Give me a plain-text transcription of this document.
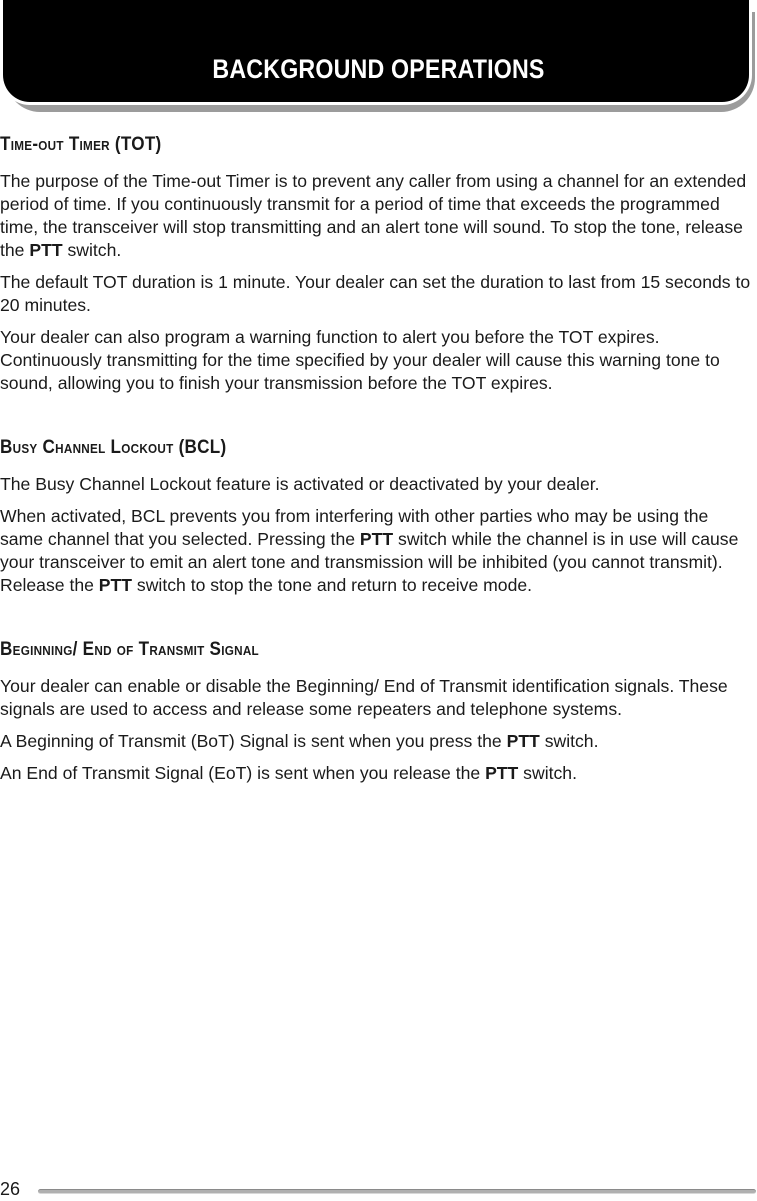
BACKGROUND OPERATIONS
Time-out Timer (TOT)

The purpose of the Time-out Timer is to prevent any caller from using a channel for an extended period of time. If you continuously transmit for a period of time that exceeds the programmed time, the transceiver will stop transmitting and an alert tone will sound. To stop the tone, release the PTT switch.

The default TOT duration is 1 minute. Your dealer can set the duration to last from 15 seconds to 20 minutes.

Your dealer can also program a warning function to alert you before the TOT expires. Continuously transmitting for the time specified by your dealer will cause this warning tone to sound, allowing you to finish your transmission before the TOT expires.

Busy Channel Lockout (BCL)

The Busy Channel Lockout feature is activated or deactivated by your dealer.

When activated, BCL prevents you from interfering with other parties who may be using the same channel that you selected. Pressing the PTT switch while the channel is in use will cause your transceiver to emit an alert tone and transmission will be inhibited (you cannot transmit). Release the PTT switch to stop the tone and return to receive mode.

Beginning/ End of Transmit Signal

Your dealer can enable or disable the Beginning/ End of Transmit identification signals. These signals are used to access and release some repeaters and telephone systems.

A Beginning of Transmit (BoT) Signal is sent when you press the PTT switch.

An End of Transmit Signal (EoT) is sent when you release the PTT switch.

26
